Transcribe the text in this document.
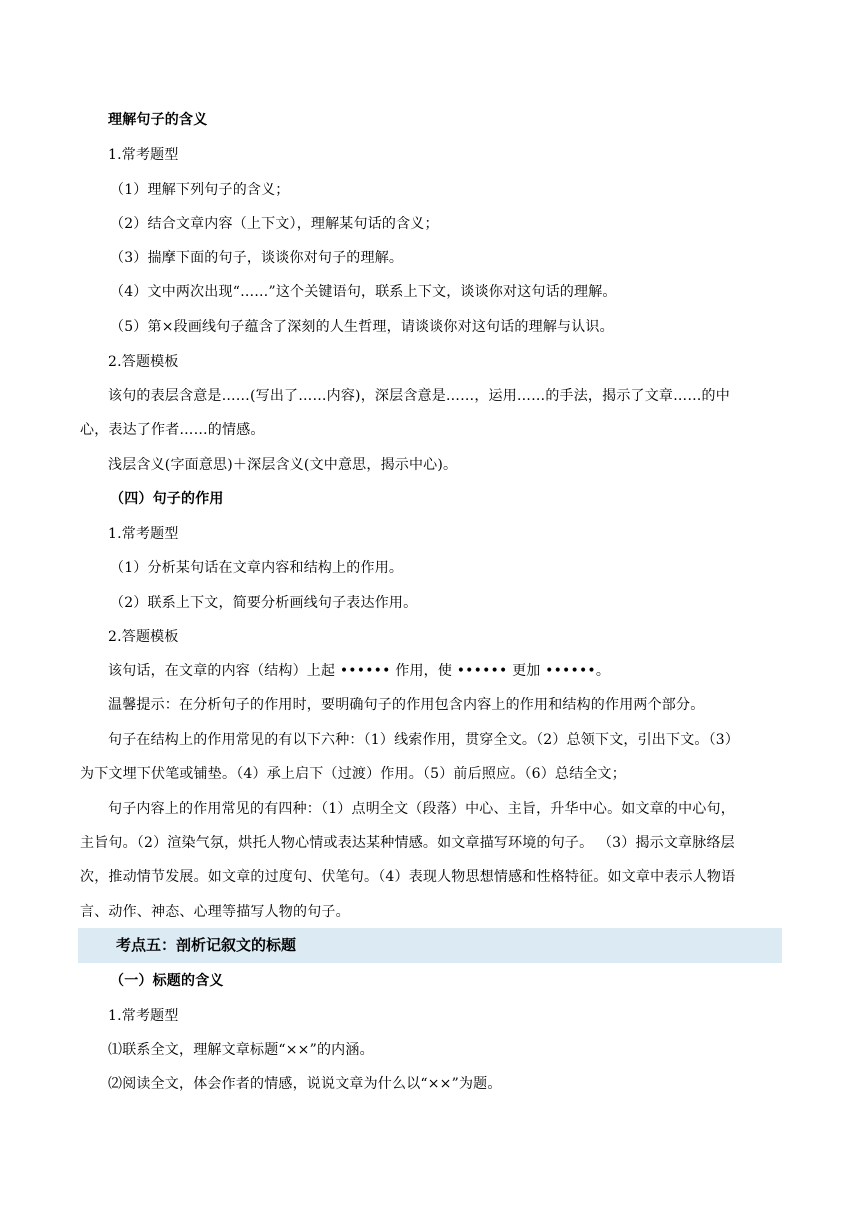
理解句子的含义
1.常考题型
（1）理解下列句子的含义；
（2）结合文章内容（上下文），理解某句话的含义；
（3）揣摩下面的句子，谈谈你对句子的理解。
（4）文中两次出现“……”这个关键语句，联系上下文，谈谈你对这句话的理解。
（5）第×段画线句子蕴含了深刻的人生哲理，请谈谈你对这句话的理解与认识。
2.答题模板
该句的表层含意是……(写出了……内容)，深层含意是……，运用……的手法，揭示了文章……的中
心，表达了作者……的情感。
浅层含义(字面意思)＋深层含义(文中意思，揭示中心)。
（四）句子的作用
1.常考题型
（1）分析某句话在文章内容和结构上的作用。
（2）联系上下文，简要分析画线句子表达作用。
2.答题模板
该句话，在文章的内容（结构）上起 •••••• 作用，使 •••••• 更加 ••••••。
温馨提示：在分析句子的作用时，要明确句子的作用包含内容上的作用和结构的作用两个部分。
句子在结构上的作用常见的有以下六种：（1）线索作用，贯穿全文。（2）总领下文，引出下文。（3）
为下文埋下伏笔或铺垫。（4）承上启下（过渡）作用。（5）前后照应。（6）总结全文；
句子内容上的作用常见的有四种：（1）点明全文（段落）中心、主旨，升华中心。如文章的中心句，
主旨句。（2）渲染气氛，烘托人物心情或表达某种情感。如文章描写环境的句子。 （3）揭示文章脉络层
次，推动情节发展。如文章的过度句、伏笔句。（4）表现人物思想情感和性格特征。如文章中表示人物语
言、动作、神态、心理等描写人物的句子。
考点五：剖析记叙文的标题
（一）标题的含义
1.常考题型
⑴联系全文，理解文章标题“××”的内涵。
⑵阅读全文，体会作者的情感，说说文章为什么以“××”为题。
